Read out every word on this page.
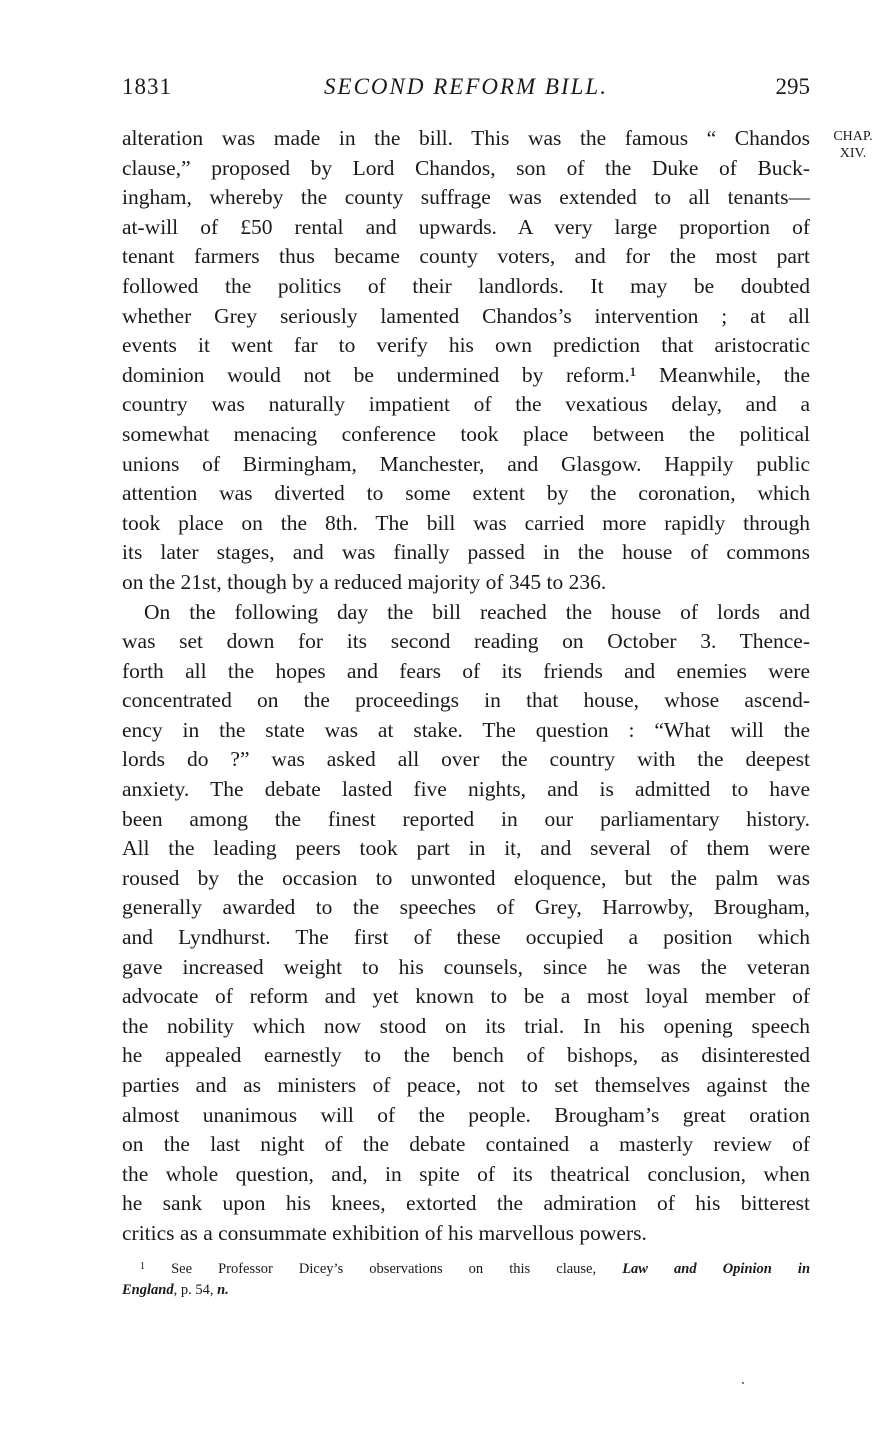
1831	SECOND REFORM BILL.	295
CHAP.
XIV.
alteration was made in the bill. This was the famous “ Chandos
clause,” proposed by Lord Chandos, son of the Duke of Buck-
ingham, whereby the county suffrage was extended to all tenants—
at-will of £50 rental and upwards. A very large proportion of
tenant farmers thus became county voters, and for the most part
followed the politics of their landlords. It may be doubted
whether Grey seriously lamented Chandos’s intervention ; at all
events it went far to verify his own prediction that aristocratic
dominion would not be undermined by reform.¹ Meanwhile, the
country was naturally impatient of the vexatious delay, and a
somewhat menacing conference took place between the political
unions of Birmingham, Manchester, and Glasgow. Happily public
attention was diverted to some extent by the coronation, which
took place on the 8th. The bill was carried more rapidly through
its later stages, and was finally passed in the house of commons
on the 21st, though by a reduced majority of 345 to 236.
On the following day the bill reached the house of lords and
was set down for its second reading on October 3. Thence-
forth all the hopes and fears of its friends and enemies were
concentrated on the proceedings in that house, whose ascend-
ency in the state was at stake. The question : “What will the
lords do ?” was asked all over the country with the deepest
anxiety. The debate lasted five nights, and is admitted to have
been among the finest reported in our parliamentary history.
All the leading peers took part in it, and several of them were
roused by the occasion to unwonted eloquence, but the palm was
generally awarded to the speeches of Grey, Harrowby, Brougham,
and Lyndhurst. The first of these occupied a position which
gave increased weight to his counsels, since he was the veteran
advocate of reform and yet known to be a most loyal member of
the nobility which now stood on its trial. In his opening speech
he appealed earnestly to the bench of bishops, as disinterested
parties and as ministers of peace, not to set themselves against the
almost unanimous will of the people. Brougham’s great oration
on the last night of the debate contained a masterly review of
the whole question, and, in spite of its theatrical conclusion, when
he sank upon his knees, extorted the admiration of his bitterest
critics as a consummate exhibition of his marvellous powers.
$^1$ See Professor Dicey’s observations on this clause, Law and Opinion in
England, p. 54, n.
